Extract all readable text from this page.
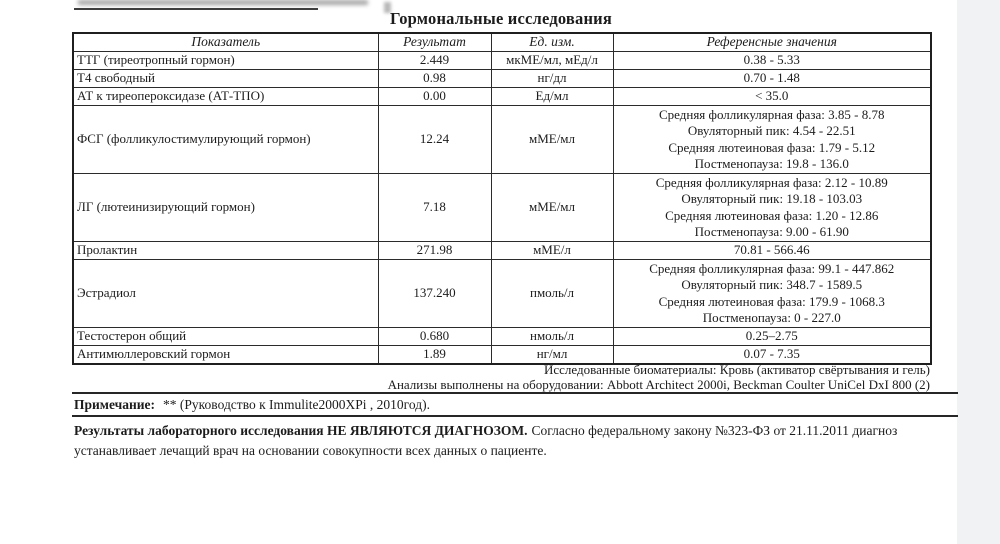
Гормональные исследования
Показатель	Результат	Ед. изм.	Референсные значения
ТТГ (тиреотропный гормон)	2.449	мкМЕ/мл, мЕд/л	0.38 - 5.33
Т4 свободный	0.98	нг/дл	0.70 - 1.48
АТ к тиреопероксидазе (АТ-ТПО)	0.00	Ед/мл	< 35.0
ФСГ (фолликулостимулирующий гормон)	12.24	мМЕ/мл	Средняя фолликулярная фаза: 3.85 - 8.78
Овуляторный пик: 4.54 - 22.51
Средняя лютеиновая фаза: 1.79 - 5.12
Постменопауза: 19.8 - 136.0

ЛГ (лютеинизирующий гормон)	7.18	мМЕ/мл	Средняя фолликулярная фаза: 2.12 - 10.89
Овуляторный пик: 19.18 - 103.03
Средняя лютеиновая фаза: 1.20 - 12.86
Постменопауза: 9.00 - 61.90

Пролактин	271.98	мМЕ/л	70.81 - 566.46
Эстрадиол	137.240	пмоль/л	Средняя фолликулярная фаза: 99.1 - 447.862
Овуляторный пик: 348.7 - 1589.5
Средняя лютеиновая фаза: 179.9 - 1068.3
Постменопауза: 0 - 227.0

Тестостерон общий	0.680	нмоль/л	0.25–2.75
Антимюллеровский гормон	1.89	нг/мл	0.07 - 7.35
Исследованные биоматериалы: Кровь (активатор свёртывания и гель)
Анализы выполнены на оборудовании: Abbott Architect 2000i, Beckman Coulter UniCel DxI 800 (2)
Примечание: ** (Руководство к Immulite2000XPi , 2010год).
Результаты лабораторного исследования НЕ ЯВЛЯЮТСЯ ДИАГНОЗОМ. Согласно федеральному закону №323-ФЗ от 21.11.2011 диагноз устанавливает лечащий врач на основании совокупности всех данных о пациенте.
